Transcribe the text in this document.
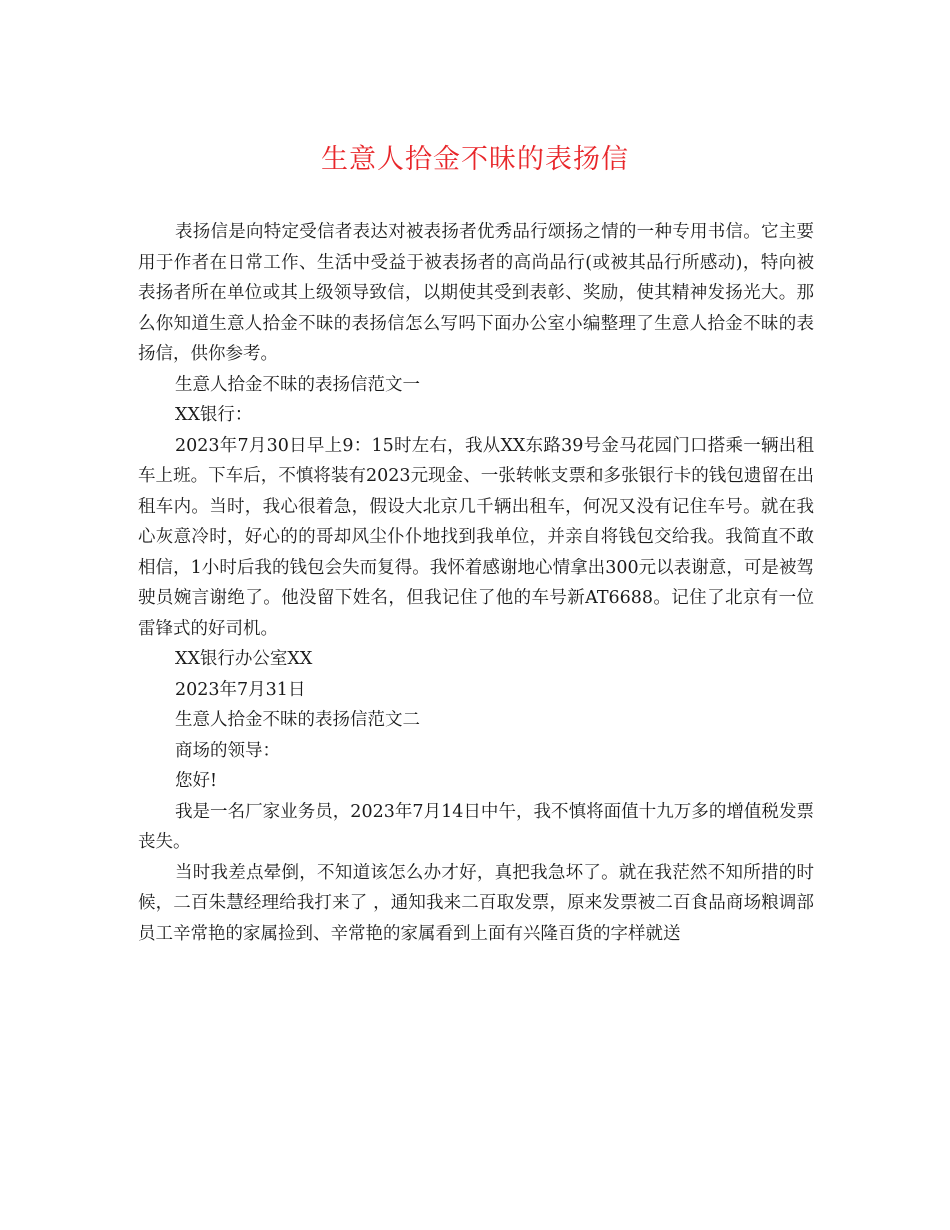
生意人拾金不昧的表扬信

表扬信是向特定受信者表达对被表扬者优秀品行颂扬之情的一种专用书信。它主要用于作者在日常工作、生活中受益于被表扬者的高尚品行(或被其品行所感动)，特向被表扬者所在单位或其上级领导致信，以期使其受到表彰、奖励，使其精神发扬光大。那么你知道生意人拾金不昧的表扬信怎么写吗下面办公室小编整理了生意人拾金不昧的表扬信，供你参考。

生意人拾金不昧的表扬信范文一

XX银行：

2023年7月30日早上9：15时左右，我从XX东路39号金马花园门口搭乘一辆出租车上班。下车后，不慎将装有2023元现金、一张转帐支票和多张银行卡的钱包遗留在出租车内。当时，我心很着急，假设大北京几千辆出租车，何况又没有记住车号。就在我心灰意冷时，好心的的哥却风尘仆仆地找到我单位，并亲自将钱包交给我。我简直不敢相信，1小时后我的钱包会失而复得。我怀着感谢地心情拿出300元以表谢意，可是被驾驶员婉言谢绝了。他没留下姓名，但我记住了他的车号新AT6688。记住了北京有一位雷锋式的好司机。

XX银行办公室XX

2023年7月31日

生意人拾金不昧的表扬信范文二

商场的领导：

您好!

我是一名厂家业务员，2023年7月14日中午，我不慎将面值十九万多的增值税发票丧失。

当时我差点晕倒，不知道该怎么办才好，真把我急坏了。就在我茫然不知所措的时候，二百朱慧经理给我打来了 ，通知我来二百取发票，原来发票被二百食品商场粮调部员工辛常艳的家属捡到、辛常艳的家属看到上面有兴隆百货的字样就送
